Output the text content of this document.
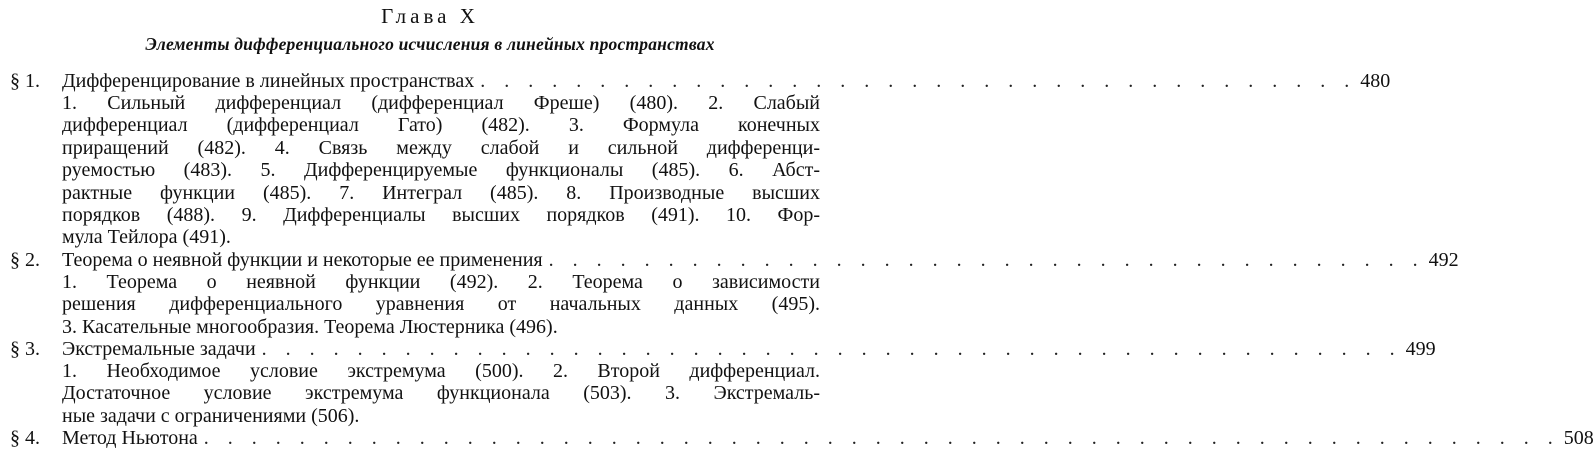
Глава X
Элементы дифференциального исчисления в линейных пространствах
§ 1.	Дифференцирование в линейных пространствах . . . . . . . . . . . . . . . . . . . . . . . . . . . . . . . . . . . . . 480
1. Сильный дифференциал (дифференциал Фреше) (480). 2. Слабый
дифференциал (дифференциал Гато) (482). 3. Формула конечных
приращений (482). 4. Связь между слабой и сильной дифференци-
руемостью (483). 5. Дифференцируемые функционалы (485). 6. Абст-
рактные функции (485). 7. Интеграл (485). 8. Производные высших
порядков (488). 9. Дифференциалы высших порядков (491). 10. Фор-
мула Тейлора (491).
§ 2.	Теорема о неявной функции и некоторые ее применения . . . . . . . . . . . . . . . . . . . . . . . . . . . . . . . . . . . . . 492
1. Теорема о неявной функции (492). 2. Теорема о зависимости
решения дифференциального уравнения от начальных данных (495).
3. Касательные многообразия. Теорема Люстерника (496).
§ 3.	Экстремальные задачи . . . . . . . . . . . . . . . . . . . . . . . . . . . . . . . . . . . . . . . . . . . . . . . . 499
1. Необходимое условие экстремума (500). 2. Второй дифференциал.
Достаточное условие экстремума функционала (503). 3. Экстремаль-
ные задачи с ограничениями (506).
§ 4.	Метод Ньютона . . . . . . . . . . . . . . . . . . . . . . . . . . . . . . . . . . . . . . . . . . . . . . . . . . . . . . . . . 508
